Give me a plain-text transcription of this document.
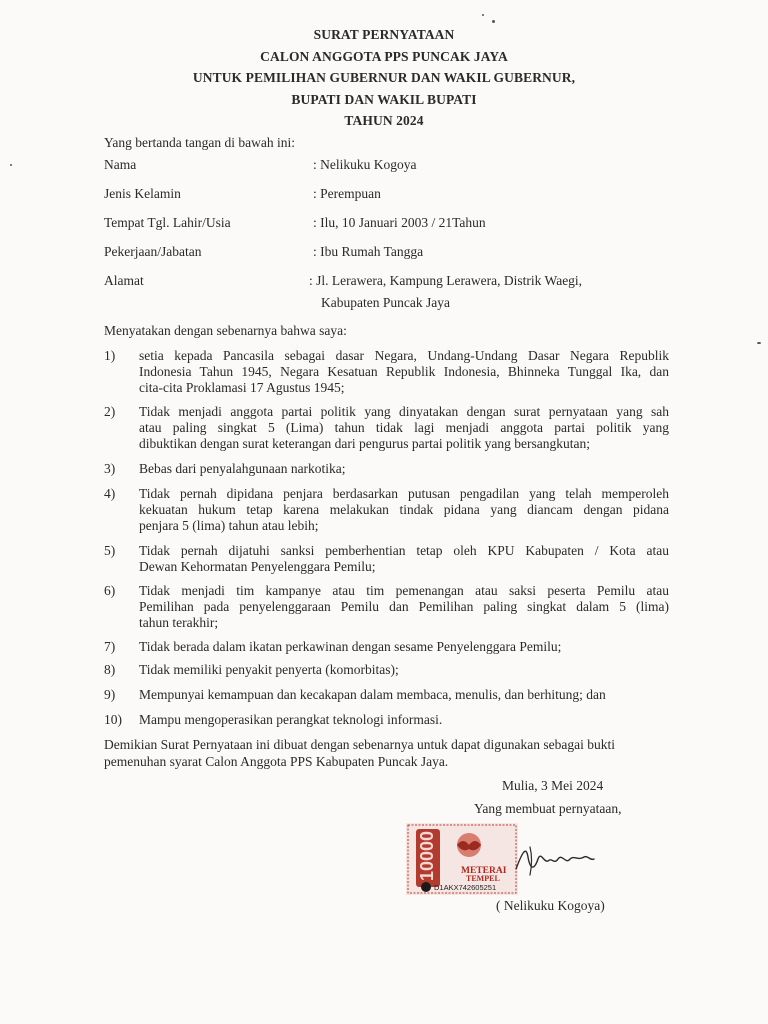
SURAT PERNYATAAN
CALON ANGGOTA PPS PUNCAK JAYA
UNTUK PEMILIHAN GUBERNUR DAN WAKIL GUBERNUR,
BUPATI DAN WAKIL BUPATI
TAHUN 2024
Yang bertanda tangan di bawah ini:
Nama	: Nelikuku Kogoya
Jenis Kelamin	: Perempuan
Tempat Tgl. Lahir/Usia	: Ilu, 10 Januari 2003 / 21Tahun
Pekerjaan/Jabatan	: Ibu Rumah Tangga
Alamat	: Jl. Lerawera, Kampung Lerawera, Distrik Waegi,
Kabupaten Puncak Jaya
Menyatakan dengan sebenarnya bahwa saya:
1) setia kepada Pancasila sebagai dasar Negara, Undang-Undang Dasar Negara Republik
Indonesia Tahun 1945, Negara Kesatuan Republik Indonesia, Bhinneka Tunggal Ika, dan
cita-cita Proklamasi 17 Agustus 1945;
2) Tidak menjadi anggota partai politik yang dinyatakan dengan surat pernyataan yang sah
atau paling singkat 5 (Lima) tahun tidak lagi menjadi anggota partai politik yang
dibuktikan dengan surat keterangan dari pengurus partai politik yang bersangkutan;
3) Bebas dari penyalahgunaan narkotika;
4) Tidak pernah dipidana penjara berdasarkan putusan pengadilan yang telah memperoleh
kekuatan hukum tetap karena melakukan tindak pidana yang diancam dengan pidana
penjara 5 (lima) tahun atau lebih;
5) Tidak pernah dijatuhi sanksi pemberhentian tetap oleh KPU Kabupaten / Kota atau
Dewan Kehormatan Penyelenggara Pemilu;
6) Tidak menjadi tim kampanye atau tim pemenangan atau saksi peserta Pemilu atau
Pemilihan pada penyelenggaraan Pemilu dan Pemilihan paling singkat dalam 5 (lima)
tahun terakhir;
7) Tidak berada dalam ikatan perkawinan dengan sesame Penyelenggara Pemilu;
8) Tidak memiliki penyakit penyerta (komorbitas);
9) Mempunyai kemampuan dan kecakapan dalam membaca, menulis, dan berhitung; dan
10) Mampu mengoperasikan perangkat teknologi informasi.
Demikian Surat Pernyataan ini dibuat dengan sebenarnya untuk dapat digunakan sebagai bukti
pemenuhan syarat Calon Anggota PPS Kabupaten Puncak Jaya.
Mulia, 3 Mei 2024
Yang membuat pernyataan,
10000	METERAI
TEMPEL
D1AKX742605251
( Nelikuku Kogoya)
